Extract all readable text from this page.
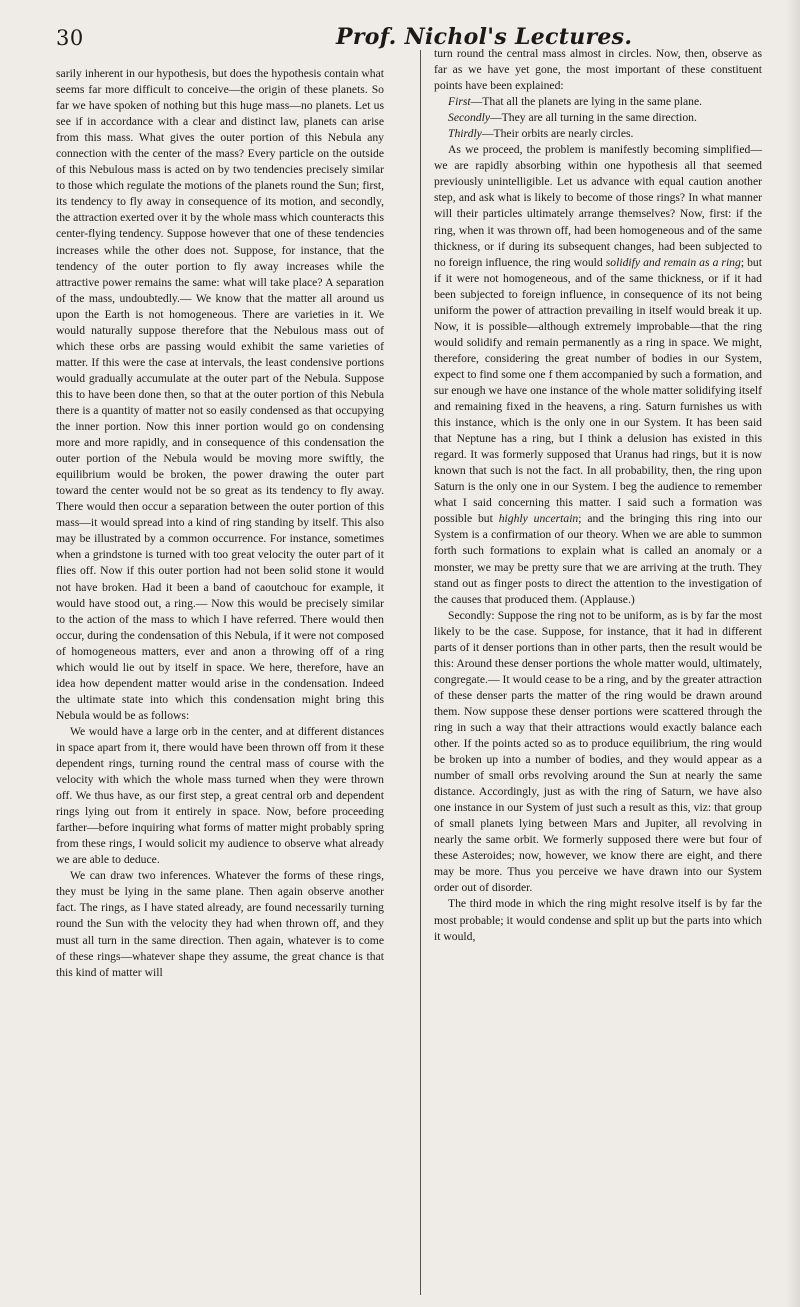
30	Prof. Nichol's Lectures.

sarily inherent in our hypothesis, but does the hypothesis contain what seems far more difficult to conceive—the origin of these planets. So far we have spoken of nothing but this huge mass—no planets. Let us see if in accordance with a clear and distinct law, planets can arise from this mass. What gives the outer portion of this Nebula any connection with the center of the mass? Every particle on the outside of this Nebulous mass is acted on by two tendencies precisely similar to those which regulate the motions of the planets round the Sun; first, its tendency to fly away in consequence of its motion, and secondly, the attraction exerted over it by the whole mass which counteracts this center-flying tendency. Suppose however that one of these tendencies increases while the other does not. Suppose, for instance, that the tendency of the outer portion to fly away increases while the attractive power remains the same: what will take place? A separation of the mass, undoubtedly.— We know that the matter all around us upon the Earth is not homogeneous. There are varieties in it. We would naturally suppose therefore that the Nebulous mass out of which these orbs are passing would exhibit the same varieties of matter. If this were the case at intervals, the least condensive portions would gradually accumulate at the outer part of the Nebula. Suppose this to have been done then, so that at the outer portion of this Nebula there is a quantity of matter not so easily condensed as that occupying the inner portion. Now this inner portion would go on condensing more and more rapidly, and in consequence of this condensation the outer portion of the Nebula would be moving more swiftly, the equilibrium would be broken, the power drawing the outer part toward the center would not be so great as its tendency to fly away. There would then occur a separation between the outer portion of this mass—it would spread into a kind of ring standing by itself. This also may be illustrated by a common occurrence. For instance, sometimes when a grindstone is turned with too great velocity the outer part of it flies off. Now if this outer portion had not been solid stone it would not have broken. Had it been a band of caoutchouc for example, it would have stood out, a ring.— Now this would be precisely similar to the action of the mass to which I have referred. There would then occur, during the condensation of this Nebula, if it were not composed of homogeneous matters, ever and anon a throwing off of a ring which would lie out by itself in space. We here, therefore, have an idea how dependent matter would arise in the condensation. Indeed the ultimate state into which this condensation might bring this Nebula would be as follows:

We would have a large orb in the center, and at different distances in space apart from it, there would have been thrown off from it these dependent rings, turning round the central mass of course with the velocity with which the whole mass turned when they were thrown off. We thus have, as our first step, a great central orb and dependent rings lying out from it entirely in space. Now, before proceeding farther—before inquiring what forms of matter might probably spring from these rings, I would solicit my audience to observe what already we are able to deduce.

We can draw two inferences. Whatever the forms of these rings, they must be lying in the same plane. Then again observe another fact. The rings, as I have stated already, are found necessarily turning round the Sun with the velocity they had when thrown off, and they must all turn in the same direction. Then again, whatever is to come of these rings—whatever shape they assume, the great chance is that this kind of matter will

turn round the central mass almost in circles. Now, then, observe as far as we have yet gone, the most important of these constituent points have been explained:

First—That all the planets are lying in the same plane.

Secondly—They are all turning in the same direction.

Thirdly—Their orbits are nearly circles.

As we proceed, the problem is manifestly becoming simplified—we are rapidly absorbing within one hypothesis all that seemed previously unintelligible. Let us advance with equal caution another step, and ask what is likely to become of those rings? In what manner will their particles ultimately arrange themselves? Now, first: if the ring, when it was thrown off, had been homogeneous and of the same thickness, or if during its subsequent changes, had been subjected to no foreign influence, the ring would solidify and remain as a ring; but if it were not homogeneous, and of the same thickness, or if it had been subjected to foreign influence, in consequence of its not being uniform the power of attraction prevailing in itself would break it up. Now, it is possible—although extremely improbable—that the ring would solidify and remain permanently as a ring in space. We might, therefore, considering the great number of bodies in our System, expect to find some one f them accompanied by such a formation, and sur enough we have one instance of the whole matter solidifying itself and remaining fixed in the heavens, a ring. Saturn furnishes us with this instance, which is the only one in our System. It has been said that Neptune has a ring, but I think a delusion has existed in this regard. It was formerly supposed that Uranus had rings, but it is now known that such is not the fact. In all probability, then, the ring upon Saturn is the only one in our System. I beg the audience to remember what I said concerning this matter. I said such a formation was possible but highly uncertain; and the bringing this ring into our System is a confirmation of our theory. When we are able to summon forth such formations to explain what is called an anomaly or a monster, we may be pretty sure that we are arriving at the truth. They stand out as finger posts to direct the attention to the investigation of the causes that produced them. (Applause.)

Secondly: Suppose the ring not to be uniform, as is by far the most likely to be the case. Suppose, for instance, that it had in different parts of it denser portions than in other parts, then the result would be this: Around these denser portions the whole matter would, ultimately, congregate.— It would cease to be a ring, and by the greater attraction of these denser parts the matter of the ring would be drawn around them. Now suppose these denser portions were scattered through the ring in such a way that their attractions would exactly balance each other. If the points acted so as to produce equilibrium, the ring would be broken up into a number of bodies, and they would appear as a number of small orbs revolving around the Sun at nearly the same distance. Accordingly, just as with the ring of Saturn, we have also one instance in our System of just such a result as this, viz: that group of small planets lying between Mars and Jupiter, all revolving in nearly the same orbit. We formerly supposed there were but four of these Asteroides; now, however, we know there are eight, and there may be more. Thus you perceive we have drawn into our System order out of disorder.

The third mode in which the ring might resolve itself is by far the most probable; it would condense and split up but the parts into which it would,
